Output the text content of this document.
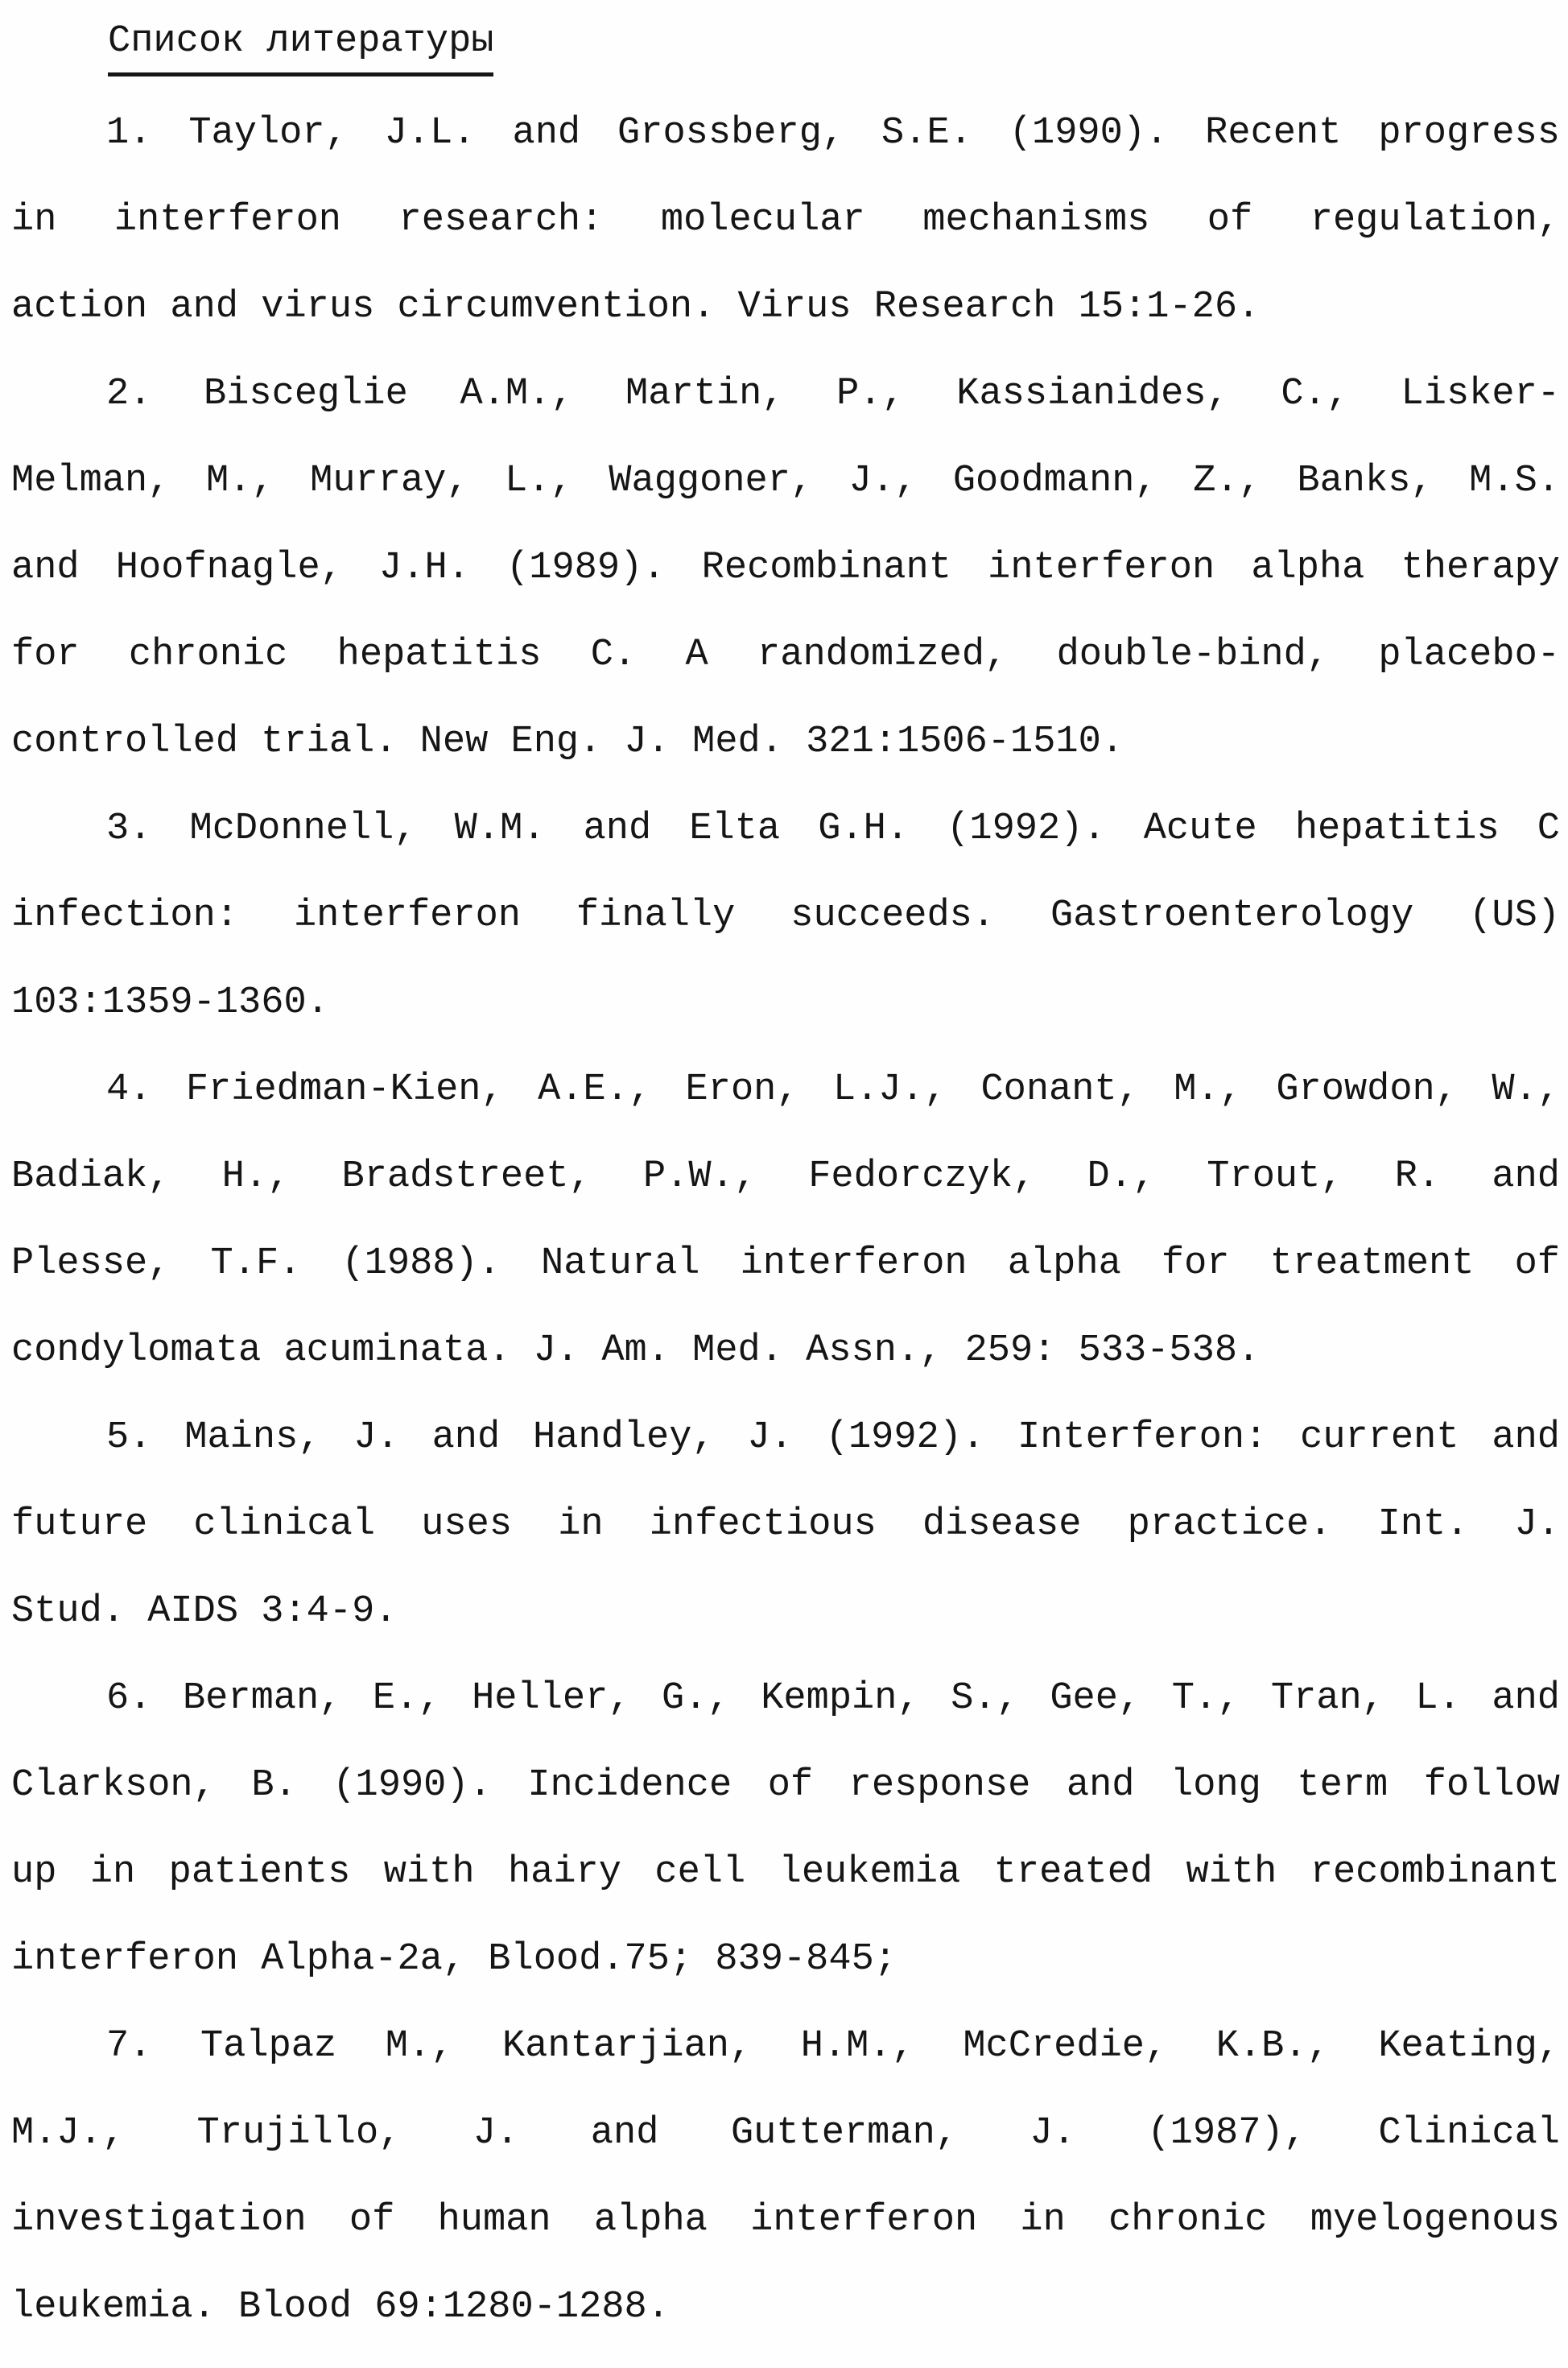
Список литературы
1. Taylor, J.L. and Grossberg, S.E. (1990). Recent progress
in interferon research: molecular mechanisms of regulation,
action and virus circumvention. Virus Research 15:1-26.
2. Bisceglie A.M., Martin, P., Kassianides, C., Lisker-
Melman, M., Murray, L., Waggoner, J., Goodmann, Z., Banks, M.S.
and Hoofnagle, J.H. (1989). Recombinant interferon alpha therapy
for chronic hepatitis C. A randomized, double-bind, placebo-
controlled trial. New Eng. J. Med. 321:1506-1510.
3. McDonnell, W.M. and Elta G.H. (1992). Acute hepatitis C
infection: interferon finally succeeds. Gastroenterology (US)
103:1359-1360.
4. Friedman-Kien, A.E., Eron, L.J., Conant, M., Growdon, W.,
Badiak, H., Bradstreet, P.W., Fedorczyk, D., Trout, R. and
Plesse, T.F. (1988). Natural interferon alpha for treatment of
condylomata acuminata. J. Am. Med. Assn., 259: 533-538.
5. Mains, J. and Handley, J. (1992). Interferon: current and
future clinical uses in infectious disease practice. Int. J.
Stud. AIDS 3:4-9.
6. Berman, E., Heller, G., Kempin, S., Gee, T., Tran, L. and
Clarkson, B. (1990). Incidence of response and long term follow
up in patients with hairy cell leukemia treated with recombinant
interferon Alpha-2a, Blood.75; 839-845;
7. Talpaz M., Kantarjian, H.M., McCredie, K.B., Keating,
M.J., Trujillo, J. and Gutterman, J. (1987), Clinical
investigation of human alpha interferon in chronic myelogenous
leukemia. Blood 69:1280-1288.
